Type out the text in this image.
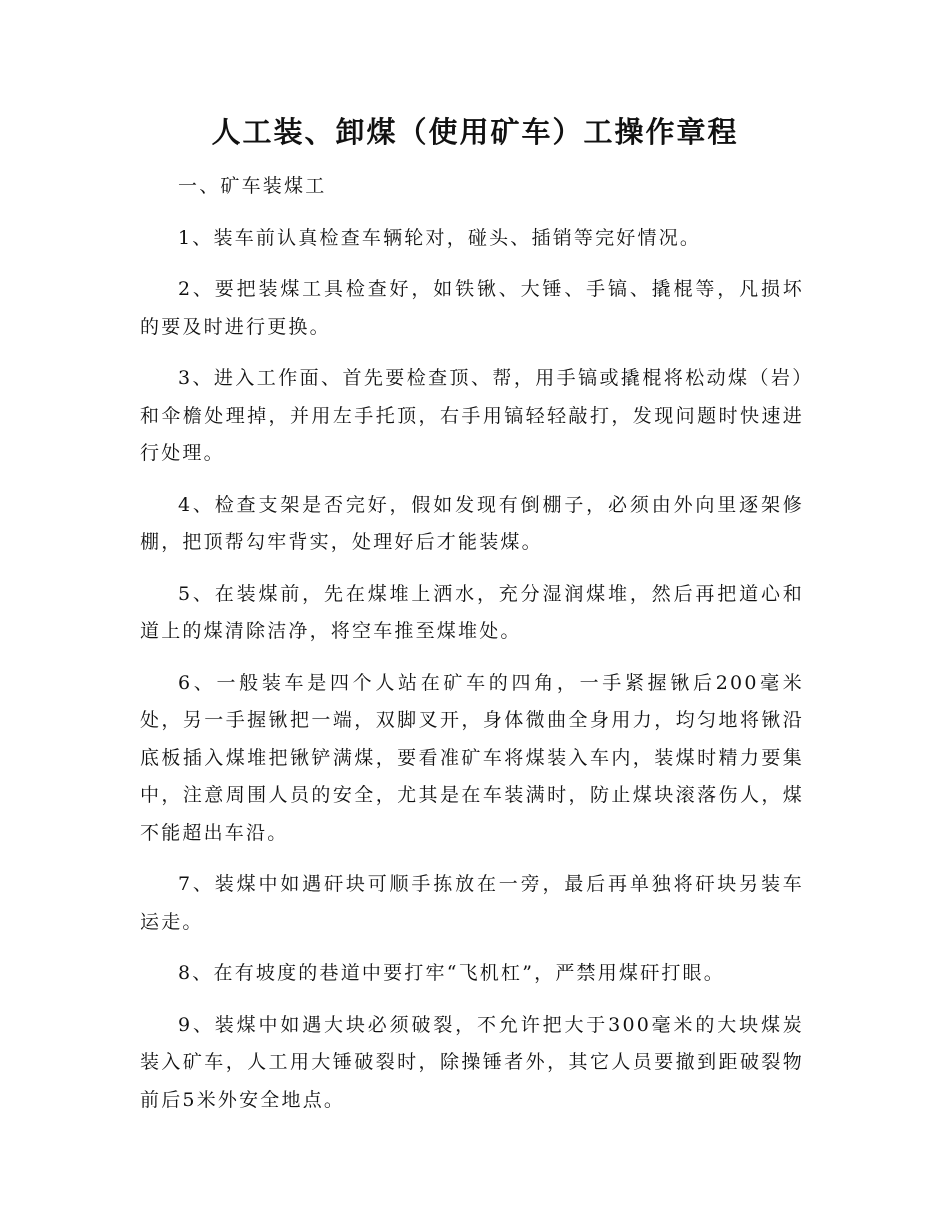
人工装、卸煤（使用矿车）工操作章程

一、矿车装煤工

1、装车前认真检查车辆轮对，碰头、插销等完好情况。

2、要把装煤工具检查好，如铁锹、大锤、手镐、撬棍等，凡损坏的要及时进行更换。

3、进入工作面、首先要检查顶、帮，用手镐或撬棍将松动煤（岩）和伞檐处理掉，并用左手托顶，右手用镐轻轻敲打，发现问题时快速进行处理。

4、检查支架是否完好，假如发现有倒棚子，必须由外向里逐架修棚，把顶帮勾牢背实，处理好后才能装煤。

5、在装煤前，先在煤堆上洒水，充分湿润煤堆，然后再把道心和道上的煤清除洁净，将空车推至煤堆处。

6、一般装车是四个人站在矿车的四角，一手紧握锹后200毫米处，另一手握锹把一端，双脚叉开，身体微曲全身用力，均匀地将锹沿底板插入煤堆把锹铲满煤，要看准矿车将煤装入车内，装煤时精力要集中，注意周围人员的安全，尤其是在车装满时，防止煤块滚落伤人，煤不能超出车沿。

7、装煤中如遇矸块可顺手拣放在一旁，最后再单独将矸块另装车运走。

8、在有坡度的巷道中要打牢“飞机杠”，严禁用煤矸打眼。

9、装煤中如遇大块必须破裂，不允许把大于300毫米的大块煤炭装入矿车，人工用大锤破裂时，除操锤者外，其它人员要撤到距破裂物前后5米外安全地点。
